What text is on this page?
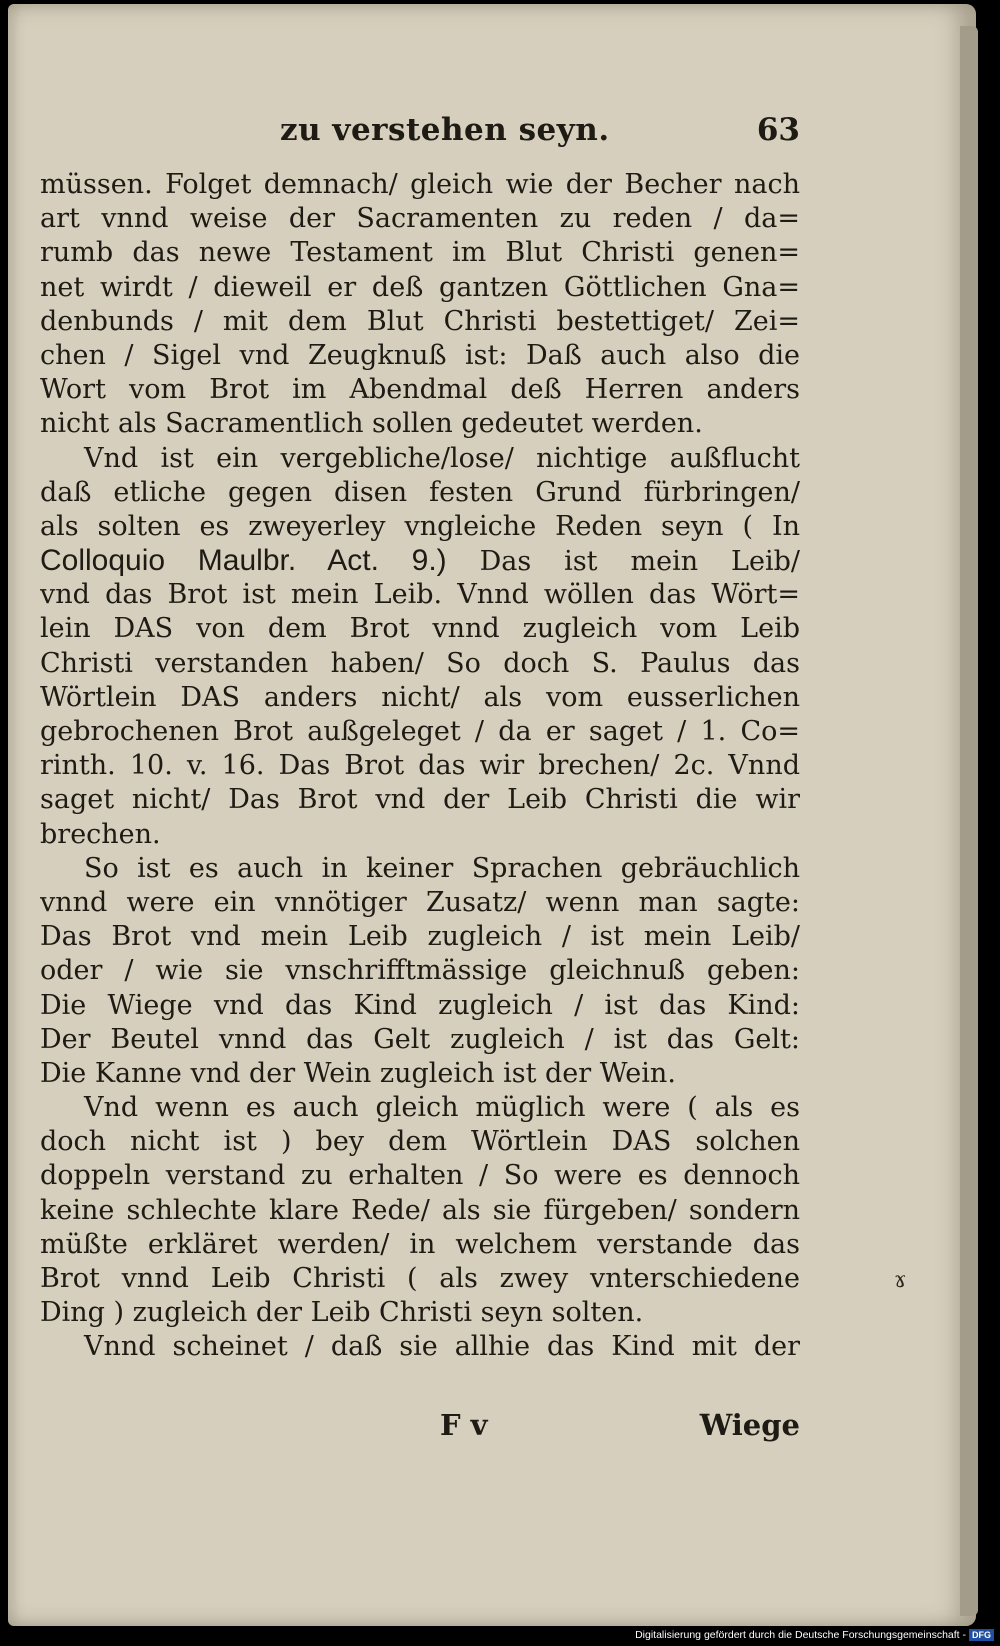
zu verstehen seyn.	63
müssen. Folget demnach/ gleich wie der Becher nach
art vnnd weise der Sacramenten zu reden / da=
rumb das newe Testament im Blut Christi genen=
net wirdt / dieweil er deß gantzen Göttlichen Gna=
denbunds / mit dem Blut Christi bestettiget/ Zei=
chen / Sigel vnd Zeugknuß ist: Daß auch also die
Wort vom Brot im Abendmal deß Herren anders
nicht als Sacramentlich sollen gedeutet werden.
Vnd ist ein vergebliche/lose/ nichtige außflucht
daß etliche gegen disen festen Grund fürbringen/
als solten es zweyerley vngleiche Reden seyn ( In
Colloquio Maulbr. Act. 9.) Das ist mein Leib/
vnd das Brot ist mein Leib. Vnnd wöllen das Wört=
lein DAS von dem Brot vnnd zugleich vom Leib
Christi verstanden haben/ So doch S. Paulus das
Wörtlein DAS anders nicht/ als vom eusserlichen
gebrochenen Brot außgeleget / da er saget / 1. Co=
rinth. 10. v. 16. Das Brot das wir brechen/ 2c. Vnnd
saget nicht/ Das Brot vnd der Leib Christi die wir
brechen.
So ist es auch in keiner Sprachen gebräuchlich
vnnd were ein vnnötiger Zusatz/ wenn man sagte:
Das Brot vnd mein Leib zugleich / ist mein Leib/
oder / wie sie vnschrifftmässige gleichnuß geben:
Die Wiege vnd das Kind zugleich / ist das Kind:
Der Beutel vnnd das Gelt zugleich / ist das Gelt:
Die Kanne vnd der Wein zugleich ist der Wein.
Vnd wenn es auch gleich müglich were ( als es
doch nicht ist ) bey dem Wörtlein DAS solchen
doppeln verstand zu erhalten / So were es dennoch
keine schlechte klare Rede/ als sie fürgeben/ sondern
müßte erkläret werden/ in welchem verstande das
Brot vnnd Leib Christi ( als zwey vnterschiedene
Ding ) zugleich der Leib Christi seyn solten.
Vnnd scheinet / daß sie allhie das Kind mit der
ɤ
F v	Wiege
Digitalisierung gefördert durch die Deutsche Forschungsgemeinschaft - DFG
